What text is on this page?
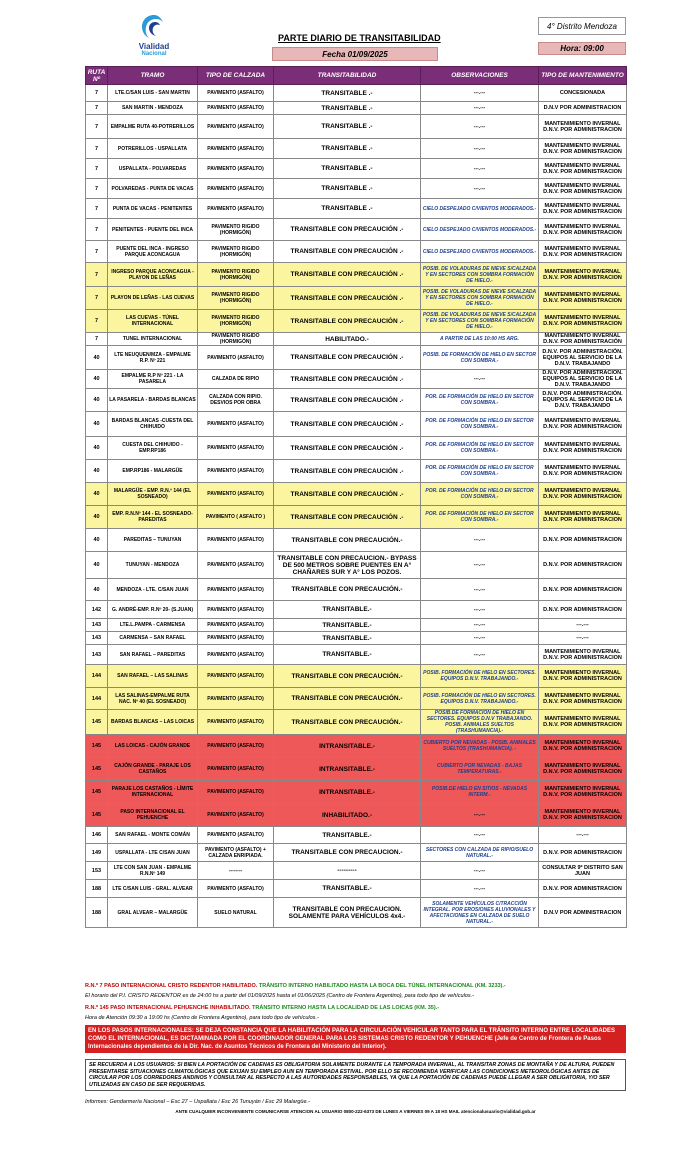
Vialidad
Nacional
PARTE DIARIO DE TRANSITABILIDAD
Fecha 01/09/2025
4° Distrito Mendoza
Hora: 09:00
RUTA Nº	TRAMO	TIPO DE CALZADA	TRANSITABILIDAD	OBSERVACIONES	TIPO DE MANTENIMIENTO
7	LTE.C/SAN LUIS - SAN MARTIN	PAVIMENTO (ASFALTO)	TRANSITABLE .-	---.---	CONCESIONADA
7	SAN MARTIN - MENDOZA	PAVIMENTO (ASFALTO)	TRANSITABLE .-	---.---	D.N.V POR ADMINISTRACION
7	EMPALME RUTA 40-POTRERILLOS	PAVIMENTO (ASFALTO)	TRANSITABLE .-	---.---	MANTENIMIENTO INVERNAL D.N.V. POR ADMINISTRACION
7	POTRERILLOS - USPALLATA	PAVIMENTO (ASFALTO)	TRANSITABLE .-	---.---	MANTENIMIENTO INVERNAL D.N.V. POR ADMINISTRACION
7	USPALLATA - POLVAREDAS	PAVIMENTO (ASFALTO)	TRANSITABLE .-	---.---	MANTENIMIENTO INVERNAL D.N.V. POR ADMINISTRACION
7	POLVAREDAS - PUNTA DE VACAS	PAVIMENTO (ASFALTO)	TRANSITABLE .-	---.---	MANTENIMIENTO INVERNAL D.N.V. POR ADMINISTRACION
7	PUNTA DE VACAS - PENITENTES	PAVIMENTO (ASFALTO)	TRANSITABLE .-	CIELO DESPEJADO C/VIENTOS MODERADOS.-	MANTENIMIENTO INVERNAL D.N.V. POR ADMINISTRACION
7	PENITENTES - PUENTE DEL INCA	PAVIMENTO RIGIDO (HORMIGÓN)	TRANSITABLE CON PRECAUCIÓN .-	CIELO DESPEJADO C/VIENTOS MODERADOS.-	MANTENIMIENTO INVERNAL D.N.V. POR ADMINISTRACION
7	PUENTE DEL INCA - INGRESO PARQUE ACONCAGUA	PAVIMENTO RIGIDO (HORMIGÓN)	TRANSITABLE CON PRECAUCIÓN .-	CIELO DESPEJADO C/VIENTOS MODERADOS.-	MANTENIMIENTO INVERNAL D.N.V. POR ADMINISTRACION
7	INGRESO PARQUE ACONCAGUA - PLAYON DE LEÑAS	PAVIMENTO RIGIDO (HORMIGÓN)	TRANSITABLE CON PRECAUCIÓN .-	POSIB. DE VOLADURAS DE NIEVE S/CALZADA Y EN SECTORES CON SOMBRA FORMACIÓN DE HIELO.-	MANTENIMIENTO INVERNAL D.N.V. POR ADMINISTRACION
7	PLAYON DE LEÑAS - LAS CUEVAS	PAVIMENTO RIGIDO (HORMIGÓN)	TRANSITABLE CON PRECAUCIÓN .-	POSIB. DE VOLADURAS DE NIEVE S/CALZADA Y EN SECTORES CON SOMBRA FORMACIÓN DE HIELO.-	MANTENIMIENTO INVERNAL D.N.V. POR ADMINISTRACION
7	LAS CUEVAS - TÚNEL INTERNACIONAL	PAVIMENTO RIGIDO (HORMIGÓN)	TRANSITABLE CON PRECAUCIÓN .-	POSIB. DE VOLADURAS DE NIEVE S/CALZADA Y EN SECTORES CON SOMBRA FORMACIÓN DE HIELO.-	MANTENIMIENTO INVERNAL D.N.V. POR ADMINISTRACION
7	TUNEL INTERNACIONAL	PAVIMENTO RIGIDO (HORMIGÓN)	HABILITADO.-	A PARTIR DE LAS 10:00 HS ARG.	MANTENIMIENTO INVERNAL D.N.V. POR ADMINISTRACIÓN
40	LTE NEUQUEN/MZA - EMPALME R.P. Nº 221	PAVIMENTO (ASFALTO)	TRANSITABLE CON PRECAUCIÓN .-	POSIB. DE FORMACIÓN DE HIELO EN SECTOR CON SOMBRA.-	D.N.V. POR ADMINISTRACIÓN. EQUIPOS AL SERVICIO DE LA D.N.V. TRABAJANDO
40	EMPALME R.P Nº 221 - LA PASARELA	CALZADA DE RIPIO	TRANSITABLE CON PRECAUCIÓN .-	---.---	D.N.V. POR ADMINISTRACIÓN. EQUIPOS AL SERVICIO DE LA D.N.V. TRABAJANDO
40	LA PASARELA - BARDAS BLANCAS	CALZADA CON RIPIO. DESVIOS POR OBRA	TRANSITABLE CON PRECAUCIÓN .-	POR. DE FORMACIÓN DE HIELO EN SECTOR CON SOMBRA.-	D.N.V. POR ADMINISTRACIÓN. EQUIPOS AL SERVICIO DE LA D.N.V. TRABAJANDO
40	BARDAS BLANCAS -CUESTA DEL CHIHUIDO	PAVIMENTO (ASFALTO)	TRANSITABLE CON PRECAUCIÓN .-	POR. DE FORMACIÓN DE HIELO EN SECTOR CON SOMBRA.-	MANTENIMIENTO INVERNAL D.N.V. POR ADMINISTRACION
40	CUESTA DEL CHIHUIDO - EMP.RP186	PAVIMENTO (ASFALTO)	TRANSITABLE CON PRECAUCIÓN .-	POR. DE FORMACIÓN DE HIELO EN SECTOR CON SOMBRA.-	MANTENIMIENTO INVERNAL D.N.V. POR ADMINISTRACION
40	EMP.RP186 - MALARGÜE	PAVIMENTO (ASFALTO)	TRANSITABLE CON PRECAUCIÓN .-	POR. DE FORMACIÓN DE HIELO EN SECTOR CON SOMBRA.-	MANTENIMIENTO INVERNAL D.N.V. POR ADMINISTRACION
40	MALARGÜE - EMP. R.N.º 144 (EL SOSNEADO)	PAVIMENTO (ASFALTO)	TRANSITABLE CON PRECAUCIÓN .-	POR. DE FORMACIÓN DE HIELO EN SECTOR CON SOMBRA.-	MANTENIMIENTO INVERNAL D.N.V. POR ADMINISTRACION
40	EMP. R.N.Nº 144 - EL SOSNEADO- PAREDITAS	PAVIMENTO ( ASFALTO )	TRANSITABLE CON PRECAUCIÓN .-	POR. DE FORMACIÓN DE HIELO EN SECTOR CON SOMBRA.-	MANTENIMIENTO INVERNAL D.N.V. POR ADMINISTRACION
40	PAREDITAS – TUNUYAN	PAVIMENTO (ASFALTO)	TRANSITABLE CON PRECAUCIÓN.-	---.---	D.N.V. POR ADMINISTRACION
40	TUNUYAN - MENDOZA	PAVIMENTO (ASFALTO)	TRANSITABLE CON PRECAUCION.- BYPASS DE 500 METROS SOBRE PUENTES EN A° CHAÑARES SUR Y A° LOS POZOS.	---.---	D.N.V. POR ADMINISTRACION
40	MENDOZA - LTE. C/SAN JUAN	PAVIMENTO (ASFALTO)	TRANSITABLE CON PRECAUCIÓN.-	---.---	D.N.V. POR ADMINISTRACION
142	G. ANDRÉ-EMP. R.Nº 20- (S.JUAN)	PAVIMENTO (ASFALTO)	TRANSITABLE.-	---.---	D.N.V. POR ADMINISTRACION
143	LTE.L.PAMPA - CARMENSA	PAVIMENTO (ASFALTO)	TRANSITABLE.-	---.---	---.---
143	CARMENSA – SAN RAFAEL	PAVIMENTO (ASFALTO)	TRANSITABLE.-	---.---	---.---
143	SAN RAFAEL – PAREDITAS	PAVIMENTO (ASFALTO)	TRANSITABLE.-	---.---	MANTENIMIENTO INVERNAL D.N.V. POR ADMINISTRACION
144	SAN RAFAEL – LAS SALINAS	PAVIMENTO (ASFALTO)	TRANSITABLE CON PRECAUCIÓN.-	POSIB. FORMACIÓN DE HIELO EN SECTORES. EQUIPOS D.N.V. TRABAJANDO.-	MANTENIMIENTO INVERNAL D.N.V. POR ADMINISTRACION
144	LAS SALINAS-EMPALME RUTA NAC. Nº 40 (EL SOSNEADO)	PAVIMENTO (ASFALTO)	TRANSITABLE CON PRECAUCIÓN.-	POSIB. FORMACIÓN DE HIELO EN SECTORES. EQUIPOS D.N.V. TRABAJANDO.-	MANTENIMIENTO INVERNAL D.N.V. POR ADMINISTRACION
145	BARDAS BLANCAS – LAS LOICAS	PAVIMENTO (ASFALTO)	TRANSITABLE CON PRECAUCIÓN.-	POSIB.DE FORMACIÓN DE HIELO EN SECTORES. EQUIPOS D.N.V TRABAJANDO. POSIB. ANIMALES SUELTOS (TRASHUMANCIA).-	MANTENIMIENTO INVERNAL D.N.V. POR ADMINISTRACION
145	LAS LOICAS - CAJÓN GRANDE	PAVIMENTO (ASFALTO)	INTRANSITABLE.-	CUBIERTO POR NEVADAS - POSIB. ANIMALES SUELTOS (TRASHUMANCIA). -	MANTENIMIENTO INVERNAL D.N.V. POR ADMINISTRACION
145	CAJÓN GRANDE - PARAJE LOS CASTAÑOS	PAVIMENTO (ASFALTO)	INTRANSITABLE.-	CUBIERTO POR NEVADAS - BAJAS TEMPERATURAS.-	MANTENIMIENTO INVERNAL D.N.V. POR ADMINISTRACION
145	PARAJE LOS CASTAÑOS - LÍMITE INTERNACIONAL	PAVIMENTO (ASFALTO)	INTRANSITABLE.-	POSIB.DE HIELO EN SITIOS - NEVADAS INTERM.-	MANTENIMIENTO INVERNAL D.N.V. POR ADMINISTRACION
145	PASO INTERNACIONAL EL PEHUENCHE	PAVIMENTO (ASFALTO)	INHABILITADO.-	---.---	MANTENIMIENTO INVERNAL D.N.V. POR ADMINISTRACION
146	SAN RAFAEL - MONTE COMÁN	PAVIMENTO (ASFALTO)	TRANSITABLE.-	---.---	---.---
149	USPALLATA - LTE C/SAN JUAN	PAVIMENTO (ASFALTO) + CALZADA ENRIPIADA.	TRANSITABLE CON PRECAUCION.-	SECTORES CON CALZADA DE RIPIO/SUELO NATURAL.-	D.N.V. POR ADMINISTRACION
153	LTE CON SAN JUAN - EMPALME R.N.Nº 149	--------	---------	---.---	CONSULTAR 9º DISTRITO SAN JUAN
188	LTE C/SAN LUIS - GRAL. ALVEAR	PAVIMENTO (ASFALTO)	TRANSITABLE.-	---.---	D.N.V. POR ADMINISTRACION
188	GRAL ALVEAR – MALARGÜE	SUELO NATURAL	TRANSITABLE CON PRECAUCION. SOLAMENTE PARA VEHÍCULOS 4x4.-	SOLAMENTE VEHÍCULOS C/TRACCIÓN INTEGRAL. POR EROSIONES ALUVIONALES Y AFECTACIONES EN CALZADA DE SUELO NATURAL.-	D.N.V POR ADMINISTRACION
R.N.º 7 PASO INTERNACIONAL CRISTO REDENTOR HABILITADO. TRÁNSITO INTERNO HABILITADO HASTA LA BOCA DEL TÚNEL INTERNACIONAL (KM. 3233).-
El horario del P.I. CRISTO REDENTOR es de 24:00 hs a partir del 01/09/2025 hasta el 01/06/2025 (Centro de Frontera Argentino), para todo tipo de vehículos.-
R.N.º 145 PASO INTERNACIONAL PEHUENCHE INHABILITADO. TRÁNSITO INTERNO HASTA LA LOCALIDAD DE LAS LOICAS (KM. 35).-
Hora de Atención 09:30 a 19:00 hs (Centro de Frontera Argentino), para todo tipo de vehículos.-
EN LOS PASOS INTERNACIONALES: SE DEJA CONSTANCIA QUE LA HABILITACIÓN PARA LA CIRCULACIÓN VEHICULAR TANTO PARA EL TRÁNSITO INTERNO ENTRE LOCALIDADES COMO EL INTERNACIONAL, ES DICTAMINADA POR EL COORDINADOR GENERAL PARA LOS SISTEMAS CRISTO REDENTOR Y PEHUENCHE (Jefe de Centro de Frontera de Pasos Internacionales dependientes de la Dir. Nac. de Asuntos Técnicos de Frontera del Ministerio del Interior).
SE RECUERDA A LOS USUARIOS: SI BIEN LA PORTACIÓN DE CADENAS ES OBLIGATORIA SOLAMENTE DURANTE LA TEMPORADA INVERNAL, AL TRANSITAR ZONAS DE MONTAÑA Y DE ALTURA, PUEDEN PRESENTARSE SITUACIONES CLIMATOLÓGICAS QUE EXIJAN SU EMPLEO AUN EN TEMPORADA ESTIVAL. POR ELLO SE RECOMIENDA VERIFICAR LAS CONDICIONES METEOROLÓGICAS ANTES DE CIRCULAR POR LOS CORREDORES ANDINOS Y CONSULTAR AL RESPECTO A LAS AUTORIDADES RESPONSABLES, YA QUE LA PORTACIÓN DE CADENAS PUEDE LLEGAR A SER OBLIGATORIA, Y/O SER UTILIZADAS EN CASO DE SER REQUERIDAS.
Informes: Gendarmería Nacional – Esc 27 – Uspallata / Esc 26 Tunuyán / Esc 29 Malargüe.-
ANTE CUALQUIER INCONVENIENTE COMUNICARSE ATENCION AL USUARIO 0800-222-6373 DE LUNES A VIERNES 09 A 18 HS MAIL atencionalusuario@vialidad.gob.ar
